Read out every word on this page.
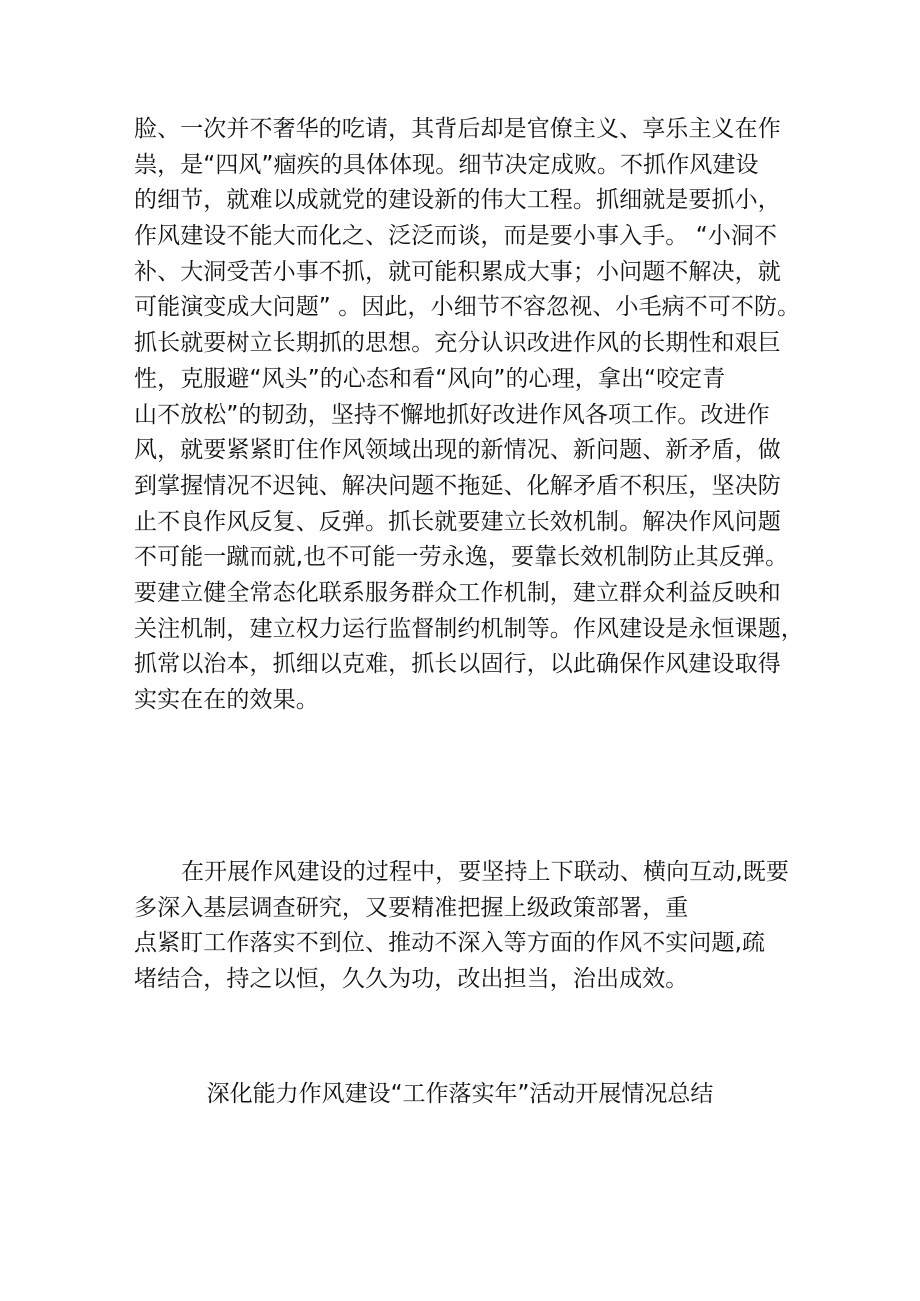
脸、一次并不奢华的吃请，其背后却是官僚主义、享乐主义在作
祟，是“四风”痼疾的具体体现。细节决定成败。不抓作风建设
的细节，就难以成就党的建设新的伟大工程。抓细就是要抓小，
作风建设不能大而化之、泛泛而谈，而是要小事入手。 “小洞不
补、大洞受苦小事不抓，就可能积累成大事；小问题不解决，就
可能演变成大问题” 。因此，小细节不容忽视、小毛病不可不防。
抓长就要树立长期抓的思想。充分认识改进作风的长期性和艰巨
性，克服避“风头”的心态和看“风向”的心理，拿出“咬定青
山不放松”的韧劲，坚持不懈地抓好改进作风各项工作。改进作
风，就要紧紧盯住作风领域出现的新情况、新问题、新矛盾，做
到掌握情况不迟钝、解决问题不拖延、化解矛盾不积压，坚决防
止不良作风反复、反弹。抓长就要建立长效机制。解决作风问题
不可能一蹴而就,也不可能一劳永逸，要靠长效机制防止其反弹。
要建立健全常态化联系服务群众工作机制，建立群众利益反映和
关注机制，建立权力运行监督制约机制等。作风建设是永恒课题，
抓常以治本，抓细以克难，抓长以固行，以此确保作风建设取得
实实在在的效果。
在开展作风建设的过程中，要坚持上下联动、横向互动,既要
多深入基层调查研究，又要精准把握上级政策部署，重
点紧盯工作落实不到位、推动不深入等方面的作风不实问题,疏
堵结合，持之以恒，久久为功，改出担当，治出成效。
深化能力作风建设“工作落实年”活动开展情况总结
